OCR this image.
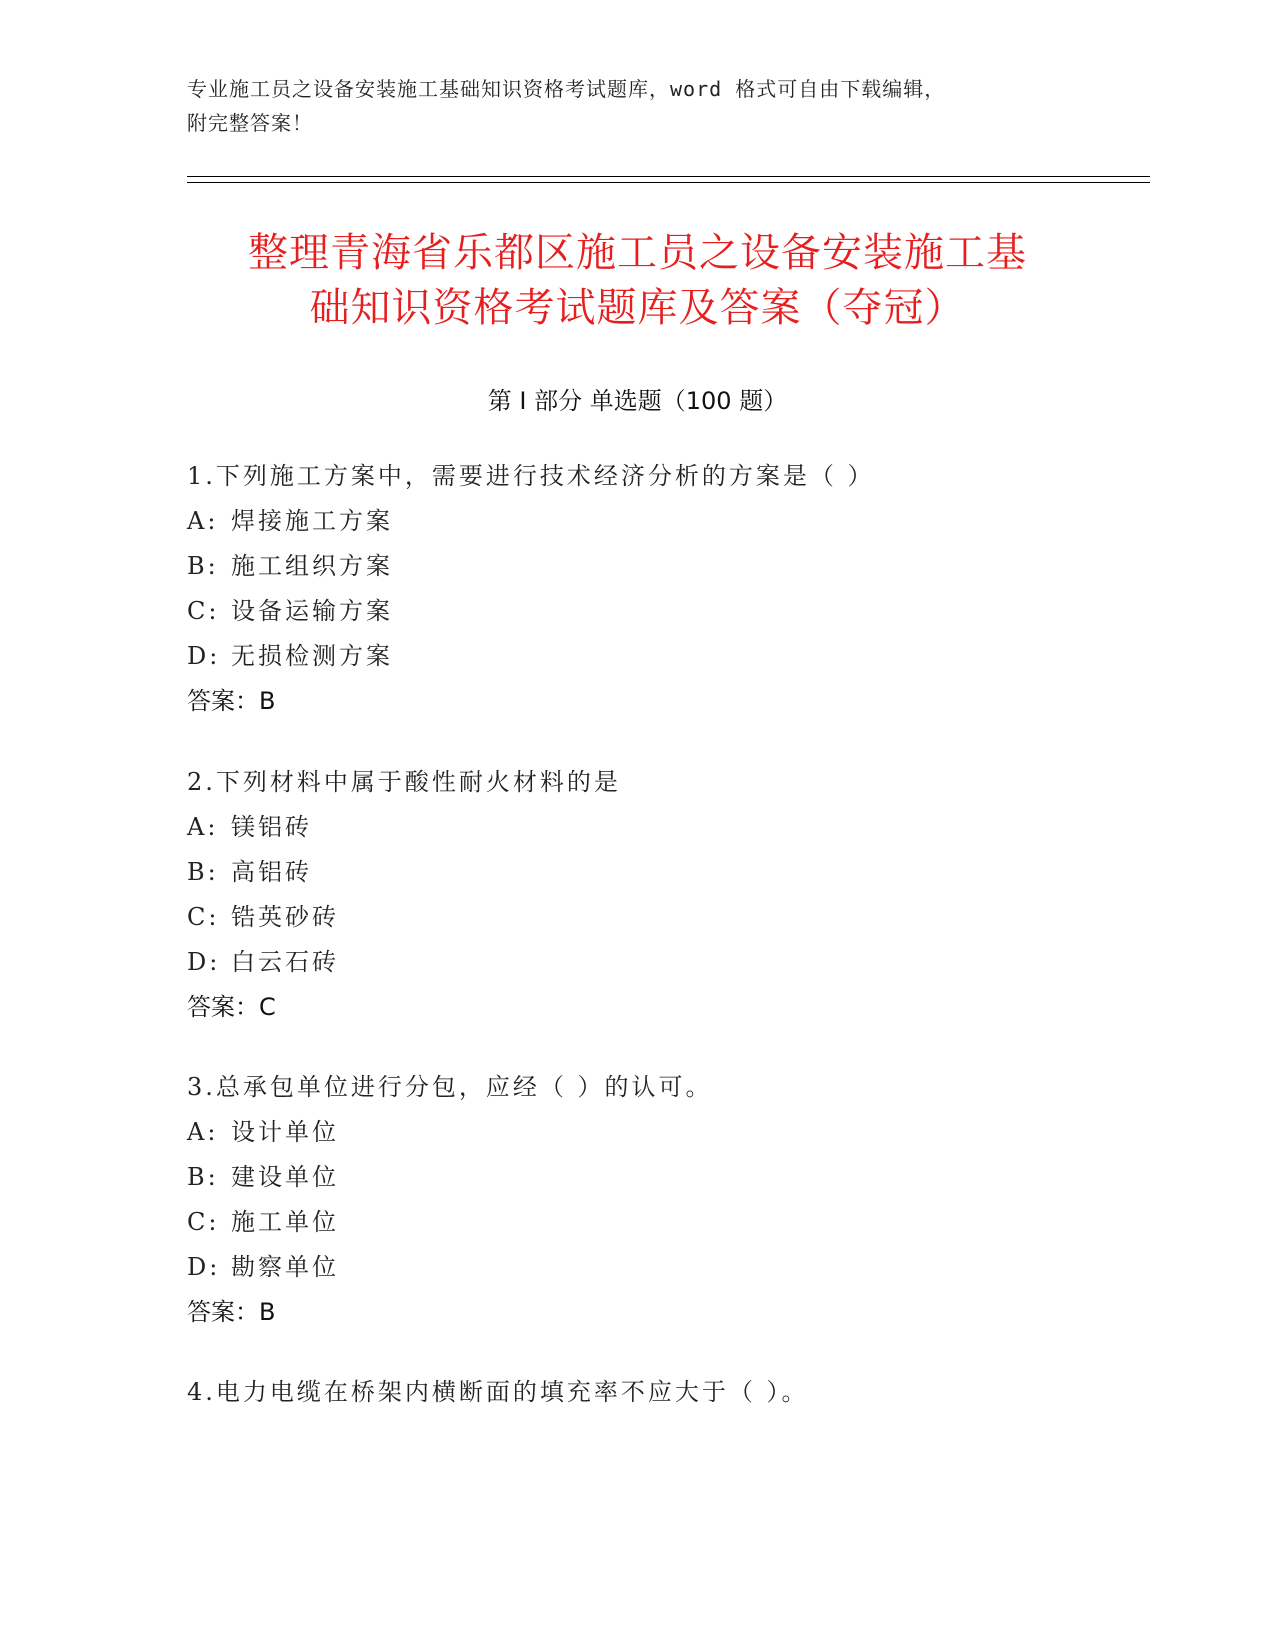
专业施工员之设备安装施工基础知识资格考试题库，word 格式可自由下载编辑，
附完整答案！
整理青海省乐都区施工员之设备安装施工基
础知识资格考试题库及答案（夺冠）
第 I 部分 单选题（100 题）
1.下列施工方案中，需要进行技术经济分析的方案是（ ）
A: 焊接施工方案
B: 施工组织方案
C: 设备运输方案
D: 无损检测方案
答案：B
2.下列材料中属于酸性耐火材料的是
A: 镁铝砖
B: 高铝砖
C: 锆英砂砖
D: 白云石砖
答案：C
3.总承包单位进行分包，应经（ ）的认可。
A: 设计单位
B: 建设单位
C: 施工单位
D: 勘察单位
答案：B
4.电力电缆在桥架内横断面的填充率不应大于（ ）。
